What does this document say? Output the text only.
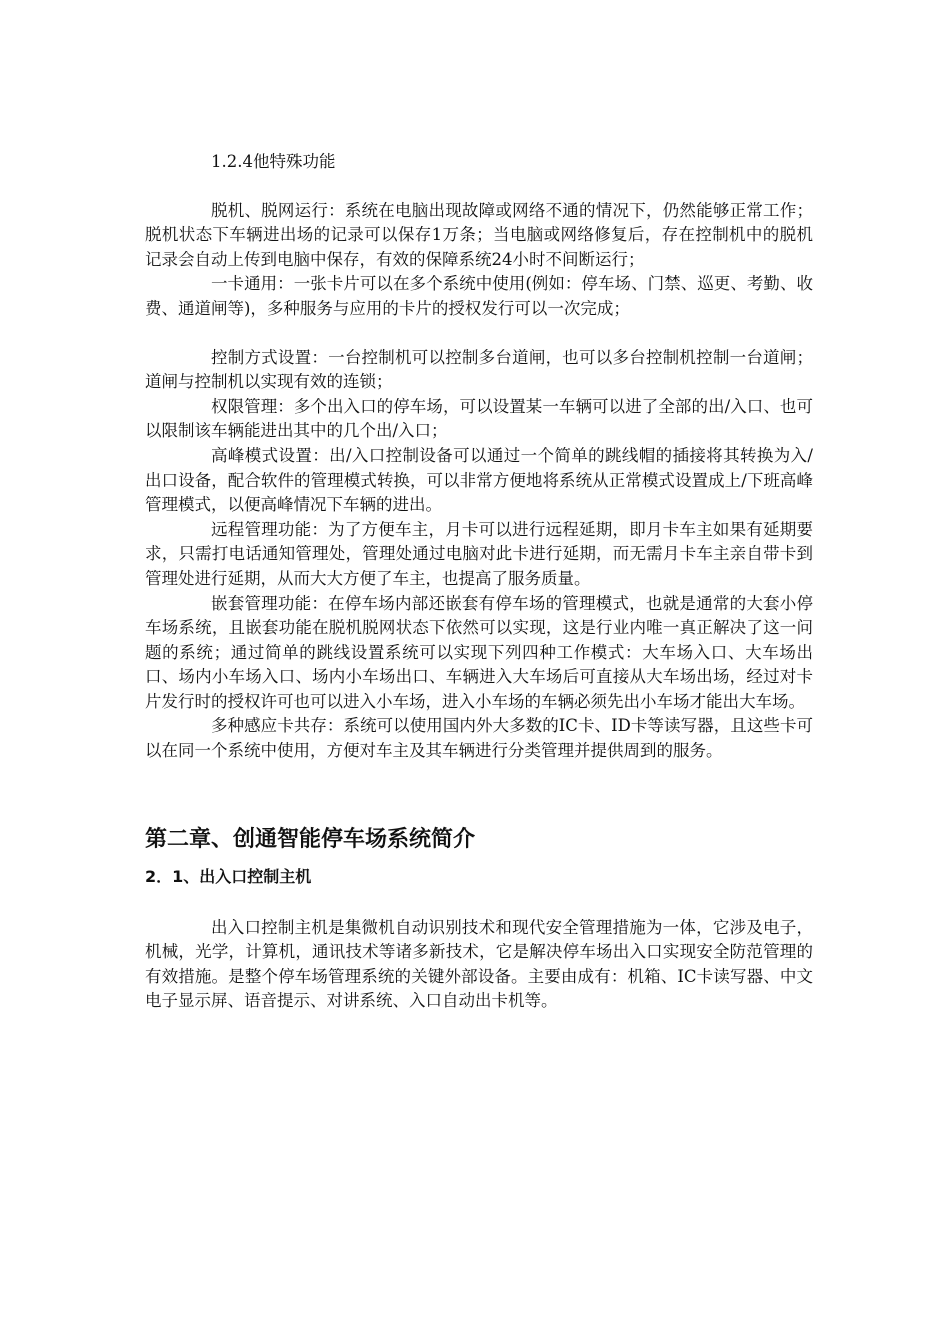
1.2.4他特殊功能

脱机、脱网运行：系统在电脑出现故障或网络不通的情况下，仍然能够正常工作；脱机状态下车辆进出场的记录可以保存1万条；当电脑或网络修复后，存在控制机中的脱机记录会自动上传到电脑中保存，有效的保障系统24小时不间断运行；

一卡通用：一张卡片可以在多个系统中使用(例如：停车场、门禁、巡更、考勤、收费、通道闸等)，多种服务与应用的卡片的授权发行可以一次完成；

控制方式设置：一台控制机可以控制多台道闸，也可以多台控制机控制一台道闸；道闸与控制机以实现有效的连锁；

权限管理：多个出入口的停车场，可以设置某一车辆可以进了全部的出/入口、也可以限制该车辆能进出其中的几个出/入口；

高峰模式设置：出/入口控制设备可以通过一个简单的跳线帽的插接将其转换为入/出口设备，配合软件的管理模式转换，可以非常方便地将系统从正常模式设置成上/下班高峰管理模式，以便高峰情况下车辆的进出。

远程管理功能：为了方便车主，月卡可以进行远程延期，即月卡车主如果有延期要求，只需打电话通知管理处，管理处通过电脑对此卡进行延期，而无需月卡车主亲自带卡到管理处进行延期，从而大大方便了车主，也提高了服务质量。

嵌套管理功能：在停车场内部还嵌套有停车场的管理模式，也就是通常的大套小停车场系统，且嵌套功能在脱机脱网状态下依然可以实现，这是行业内唯一真正解决了这一问题的系统；通过简单的跳线设置系统可以实现下列四种工作模式：大车场入口、大车场出口、场内小车场入口、场内小车场出口、车辆进入大车场后可直接从大车场出场，经过对卡片发行时的授权许可也可以进入小车场，进入小车场的车辆必须先出小车场才能出大车场。

多种感应卡共存：系统可以使用国内外大多数的IC卡、ID卡等读写器，且这些卡可以在同一个系统中使用，方便对车主及其车辆进行分类管理并提供周到的服务。

第二章、创通智能停车场系统简介
2．1、出入口控制主机

出入口控制主机是集微机自动识别技术和现代安全管理措施为一体，它涉及电子，机械，光学，计算机，通讯技术等诸多新技术，它是解决停车场出入口实现安全防范管理的有效措施。是整个停车场管理系统的关键外部设备。主要由成有：机箱、IC卡读写器、中文电子显示屏、语音提示、对讲系统、入口自动出卡机等。
